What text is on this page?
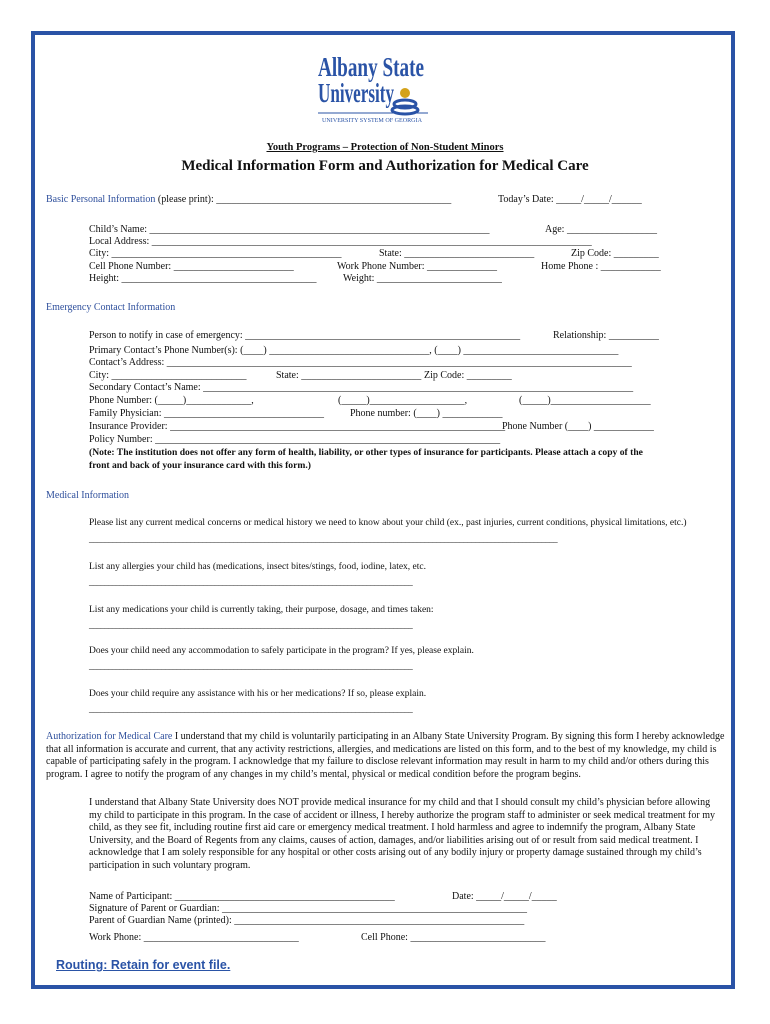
Albany State
University
UNIVERSITY SYSTEM OF GEORGIA
Youth Programs – Protection of Non-Student Minors
Medical Information Form and Authorization for Medical Care
Basic Personal Information (please print): _______________________________________________	Today’s Date: _____/_____/______
Child’s Name: ____________________________________________________________________	Age: __________________
Local Address: ________________________________________________________________________________________
City: ______________________________________________	State: __________________________	Zip Code: _________
Cell Phone Number: ________________________	Work Phone Number: ______________	Home Phone : ____________
Height: _______________________________________	Weight: _________________________
Emergency Contact Information
Person to notify in case of emergency: _______________________________________________________	Relationship: __________
Primary Contact’s Phone Number(s): (____) ________________________________, (____) _______________________________
Contact’s Address: _____________________________________________________________________________________________
City: ___________________________	State: ________________________ Zip Code: _________
Secondary Contact’s Name: ______________________________________________________________________________________
Phone Number: (_____)_____________,	(_____)___________________,	(_____)____________________
Family Physician: ________________________________	Phone number: (____) ____________
Insurance Provider: ___________________________________________________________________
Phone Number (____) ____________
Policy Number: _____________________________________________________________________
(Note: The institution does not offer any form of health, liability, or other types of insurance for participants. Please attach a copy of the
front and back of your insurance card with this form.)
Medical Information
Please list any current medical concerns or medical history we need to know about your child (ex., past injuries, current conditions, physical limitations, etc.)
________________________________________________________________________________________________________________________
List any allergies your child has (medications, insect bites/stings, food, iodine, latex, etc.
_____________________________________________________________________________________
List any medications your child is currently taking, their purpose, dosage, and times taken:
_____________________________________________________________________________________
Does your child need any accommodation to safely participate in the program? If yes, please explain.
_____________________________________________________________________________________
Does your child require any assistance with his or her medications? If so, please explain.
_____________________________________________________________________________________
Authorization for Medical Care I understand that my child is voluntarily participating in an Albany State University Program. By signing this form I hereby acknowledge that all information is accurate and current, that any activity restrictions, allergies, and medications are listed on this form, and to the best of my knowledge, my child is capable of participating safely in the program. I acknowledge that my failure to disclose relevant information may result in harm to my child and/or others during this program. I agree to notify the program of any changes in my child’s mental, physical or medical condition before the program begins.
I understand that Albany State University does NOT provide medical insurance for my child and that I should consult my child’s physician before allowing my child to participate in this program. In the case of accident or illness, I hereby authorize the program staff to administer or seek medical treatment for my child, as they see fit, including routine first aid care or emergency medical treatment. I hold harmless and agree to indemnify the program, Albany State University, and the Board of Regents from any claims, causes of action, damages, and/or liabilities arising out of or result from said medical treatment. I acknowledge that I am solely responsible for any hospital or other costs arising out of any bodily injury or property damage sustained through my child’s participation in such voluntary program.
Name of Participant: ____________________________________________	Date: _____/_____/_____
Signature of Parent or Guardian: _____________________________________________________________
Parent of Guardian Name (printed): __________________________________________________________
Work Phone: _______________________________	Cell Phone: ___________________________
Routing: Retain for event file.
